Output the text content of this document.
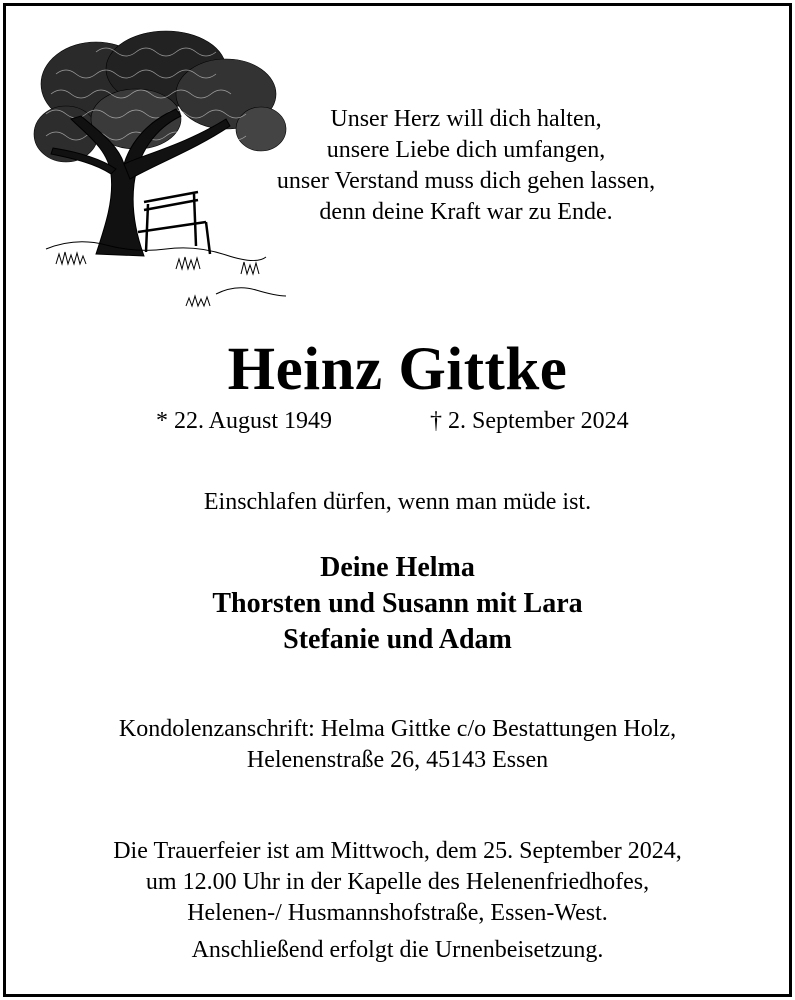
Unser Herz will dich halten,
unsere Liebe dich umfangen,
unser Verstand muss dich gehen lassen,
denn deine Kraft war zu Ende.
Heinz Gittke
* 22. August 1949	† 2. September 2024
Einschlafen dürfen, wenn man müde ist.
Deine Helma
Thorsten und Susann mit Lara
Stefanie und Adam
Kondolenzanschrift: Helma Gittke c/o Bestattungen Holz,
Helenenstraße 26, 45143 Essen
Die Trauerfeier ist am Mittwoch, dem 25. September 2024,
um 12.00 Uhr in der Kapelle des Helenenfriedhofes,
Helenen-/ Husmannshofstraße, Essen-West.
Anschließend erfolgt die Urnenbeisetzung.
